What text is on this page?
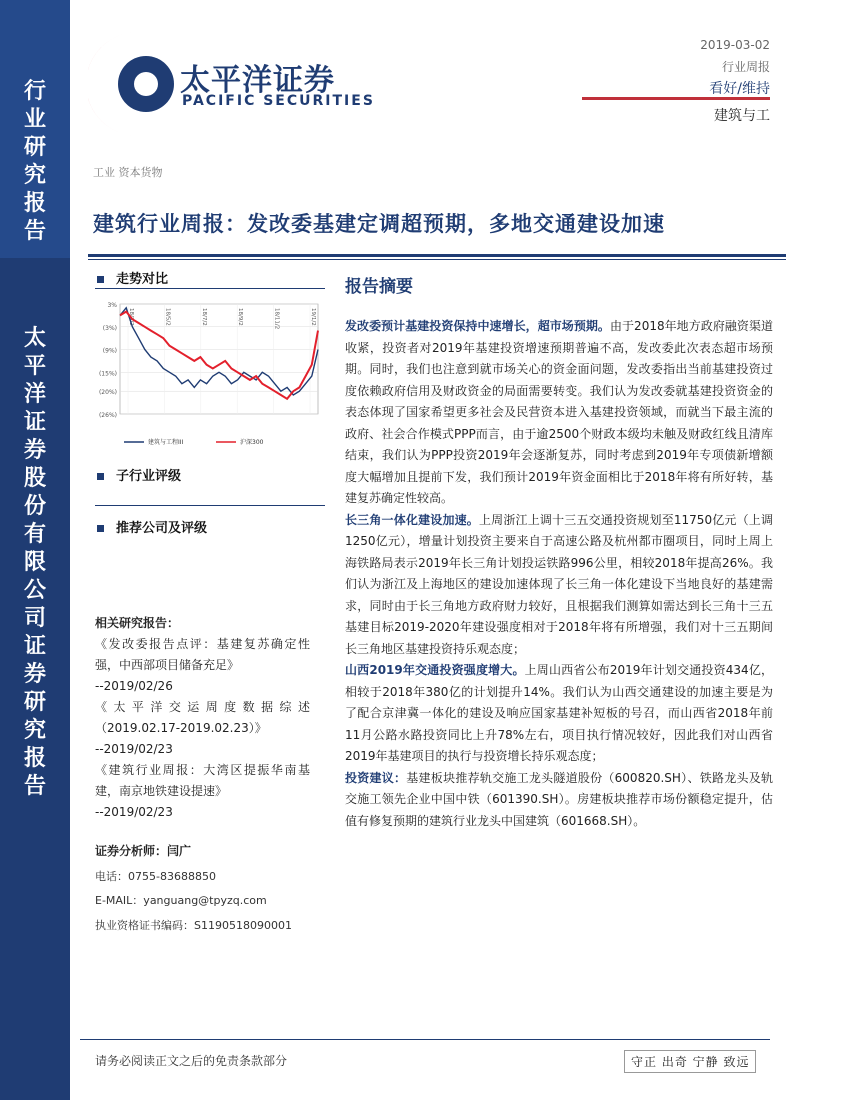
行
业
研
究
报
告
太
平
洋
证
券
股
份
有
限
公
司
证
券
研
究
报
告
太平洋证券
PACIFIC SECURITIES
2019-03-02
行业周报
看好/维持
建筑与工
工业 资本货物
建筑行业周报：发改委基建定调超预期，多地交通建设加速
走势对比
3%
(3%)
(9%)
(15%)
(20%)
(26%)
18/3/2	18/5/2	18/7/2	18/9/2	18/11/2	19/1/2
建筑与工程III	沪深300
子行业评级
推荐公司及评级
报告摘要

发改委预计基建投资保持中速增长，超市场预期。由于2018年地方政府融资渠道收紧，投资者对2019年基建投资增速预期普遍不高，发改委此次表态超市场预期。同时，我们也注意到就市场关心的资金面问题，发改委指出当前基建投资过度依赖政府信用及财政资金的局面需要转变。我们认为发改委就基建投资资金的表态体现了国家希望更多社会及民营资本进入基建投资领域，而就当下最主流的政府、社会合作模式PPP而言，由于逾2500个财政本级均未触及财政红线且清库结束，我们认为PPP投资2019年会逐渐复苏，同时考虑到2019年专项债新增额度大幅增加且提前下发，我们预计2019年资金面相比于2018年将有所好转，基建复苏确定性较高。

长三角一体化建设加速。上周浙江上调十三五交通投资规划至11750亿元（上调1250亿元），增量计划投资主要来自于高速公路及杭州都市圈项目，同时上周上海铁路局表示2019年长三角计划投运铁路996公里，相较2018年提高26%。我们认为浙江及上海地区的建设加速体现了长三角一体化建设下当地良好的基建需求，同时由于长三角地方政府财力较好，且根据我们测算如需达到长三角十三五基建目标2019-2020年建设强度相对于2018年将有所增强，我们对十三五期间长三角地区基建投资持乐观态度；

山西2019年交通投资强度增大。上周山西省公布2019年计划交通投资434亿，相较于2018年380亿的计划提升14%。我们认为山西交通建设的加速主要是为了配合京津冀一体化的建设及响应国家基建补短板的号召，而山西省2018年前11月公路水路投资同比上升78%左右，项目执行情况较好，因此我们对山西省2019年基建项目的执行与投资增长持乐观态度；

投资建议：基建板块推荐轨交施工龙头隧道股份（600820.SH）、铁路龙头及轨交施工领先企业中国中铁（601390.SH）。房建板块推荐市场份额稳定提升，估值有修复预期的建筑行业龙头中国建筑（601668.SH）。

相关研究报告：
《发改委报告点评：基建复苏确定性强，中西部项目储备充足》
--2019/02/26
《太平洋交运周度数据综述（2019.02.17-2019.02.23）》
--2019/02/23
《建筑行业周报：大湾区提振华南基建，南京地铁建设提速》
--2019/02/23
证券分析师：闫广
电话：0755-83688850
E-MAIL：yanguang@tpyzq.com
执业资格证书编码：S1190518090001
请务必阅读正文之后的免责条款部分	守正 出奇 宁静 致远
